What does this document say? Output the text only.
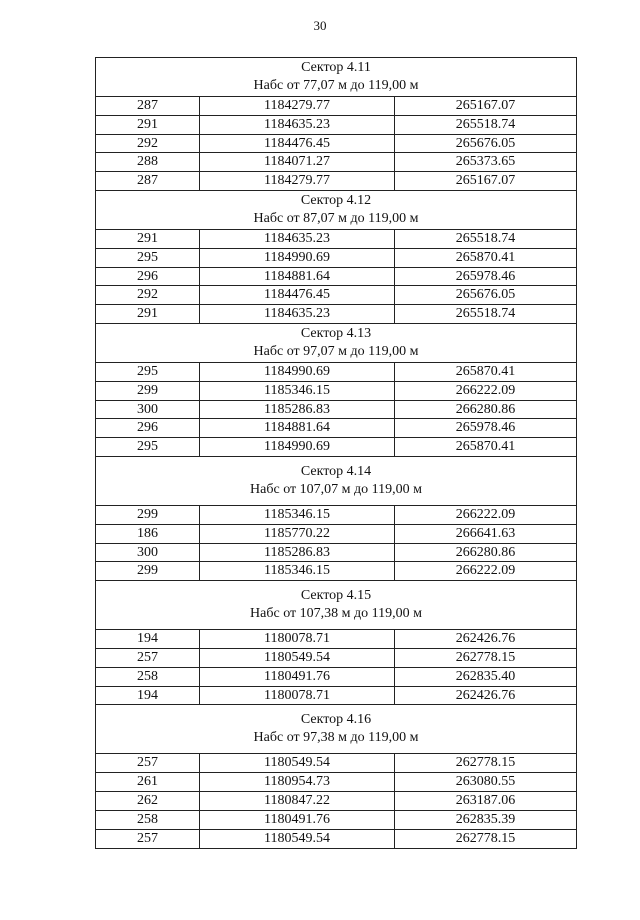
30
Сектор 4.11
Набс от 77,07 м до 119,00 м
287	1184279.77	265167.07
291	1184635.23	265518.74
292	1184476.45	265676.05
288	1184071.27	265373.65
287	1184279.77	265167.07
Сектор 4.12
Набс от 87,07 м до 119,00 м
291	1184635.23	265518.74
295	1184990.69	265870.41
296	1184881.64	265978.46
292	1184476.45	265676.05
291	1184635.23	265518.74
Сектор 4.13
Набс от 97,07 м до 119,00 м
295	1184990.69	265870.41
299	1185346.15	266222.09
300	1185286.83	266280.86
296	1184881.64	265978.46
295	1184990.69	265870.41
Сектор 4.14
Набс от 107,07 м до 119,00 м
299	1185346.15	266222.09
186	1185770.22	266641.63
300	1185286.83	266280.86
299	1185346.15	266222.09
Сектор 4.15
Набс от 107,38 м до 119,00 м
194	1180078.71	262426.76
257	1180549.54	262778.15
258	1180491.76	262835.40
194	1180078.71	262426.76
Сектор 4.16
Набс от 97,38 м до 119,00 м
257	1180549.54	262778.15
261	1180954.73	263080.55
262	1180847.22	263187.06
258	1180491.76	262835.39
257	1180549.54	262778.15
